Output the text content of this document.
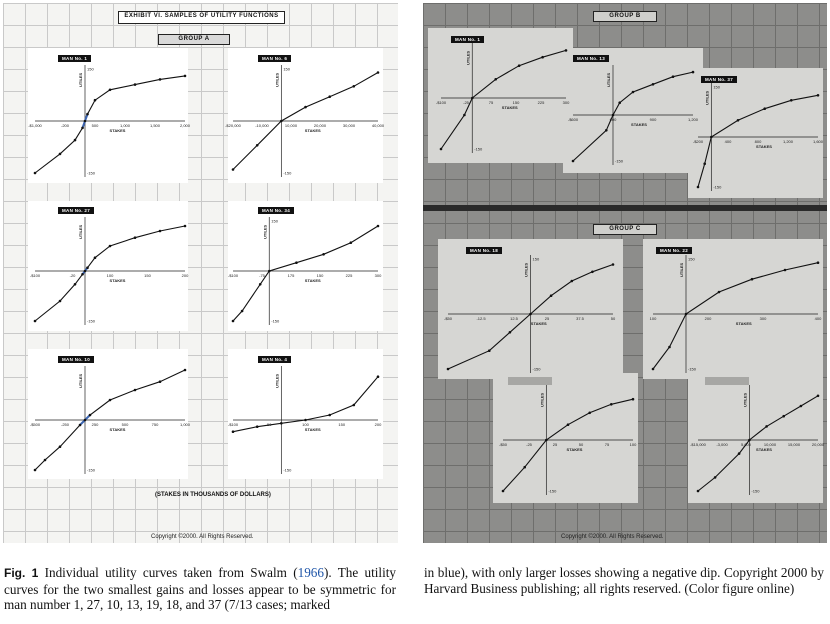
EXHIBIT VI. SAMPLES OF UTILITY FUNCTIONS
GROUP A
MAN No. 1	MAN No. 6
MAN No. 27	MAN No. 34
MAN No. 10	MAN No. 4
(STAKES IN THOUSANDS OF DOLLARS)
Copyright ©2000. All Rights Reserved.
-$1,000	-200	500	1,000	1,500	2,000
150
-150
STAKES
UTILES
-$20,000	-10,000	10,000	20,000	30,000	40,000
150
-150
STAKES
UTILES
-$100	-20	100	150	200
-150
STAKES
UTILES
-$100	-75	175	150	225	300
150
-150
STAKES
UTILES
-$500	-250	250	500	750	1,000
-150
STAKES
UTILES
-$100	50	100	150	200
-150
STAKES
UTILES
GROUP B
GROUP C
MAN No. 1
MAN No. 13
MAN No. 37
MAN No. 18	MAN No. 22
Copyright ©2000. All Rights Reserved.
-$100	-25	75	150	225	300
-150
STAKES
UTILES
-$600	600	900	1,200
-150
STAKES
UTILES
-$200	400	800	1,200	1,600
150
-150
STAKES
UTILES
-$50	-12.5	12.5	25	37.5	50
150
-150
STAKES
UTILES
100	200	300	400
150
-150
STAKES
UTILES
-$50	-25	25	50	75	100
-150
STAKES
UTILES
-$15,000	-3,000	5,000	10,000	15,000	20,000
-150
STAKES
UTILES
Fig. 1 Individual utility curves taken from Swalm (1966). The utility curves for the two smallest gains and losses appear to be symmetric for man number 1, 27, 10, 13, 19, 18, and 37 (7/13 cases; marked
in blue), with only larger losses showing a negative dip. Copyright 2000 by Harvard Business publishing; all rights reserved. (Color figure online)
